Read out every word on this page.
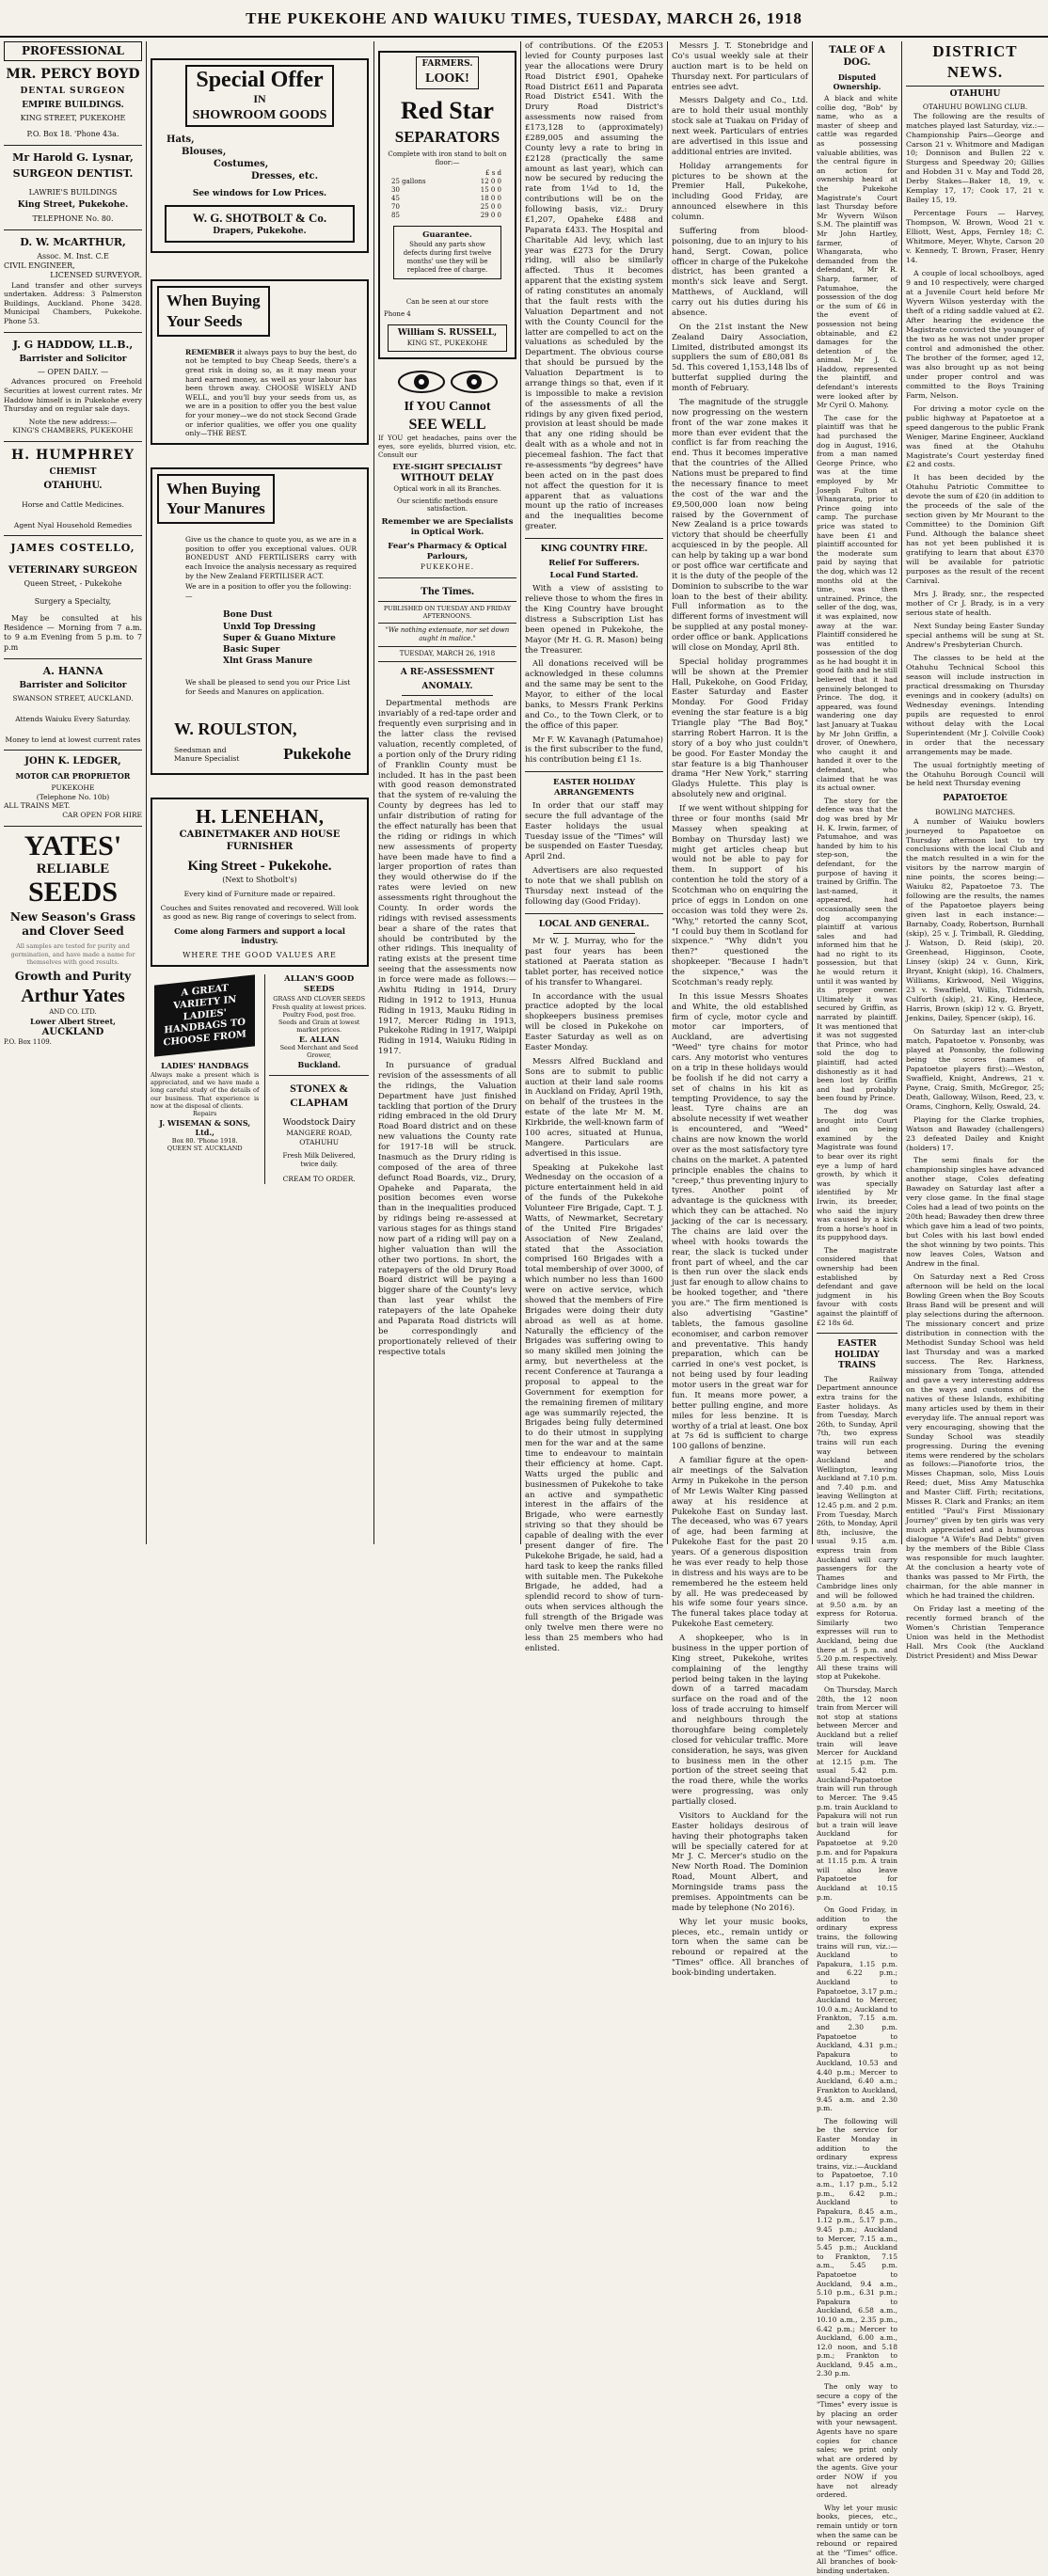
THE PUKEKOHE AND WAIUKU TIMES, TUESDAY, MARCH 26, 1918
PROFESSIONAL
MR. PERCY BOYD
DENTAL SURGEON
EMPIRE BUILDINGS.
KING STREET, PUKEKOHE
P.O. Box 18. 'Phone 43a.
Mr Harold G. Lysnar,
SURGEON DENTIST.
LAWRIE'S BUILDINGS
King Street, Pukekohe.
TELEPHONE No. 80.
D. W. McARTHUR,
Assoc. M. Inst. C.E
CIVIL ENGINEER,
LICENSED SURVEYOR.
Land transfer and other surveys undertaken. Address: 3 Palmerston Buildings, Auckland. Phone 3428. Municipal Chambers, Pukekohe. Phone 53.
J. G HADDOW, LL.B.,
Barrister and Solicitor
— OPEN DAILY. —
Advances procured on Freehold Securities at lowest current rates. Mr Haddow himself is in Pukekohe every Thursday and on regular sale days.
Note the new address:—
KING'S CHAMBERS, PUKEKOHE
H. HUMPHREY
CHEMIST
OTAHUHU.
Horse and Cattle Medicines.
Agent Nyal Household Remedies
JAMES COSTELLO,
VETERINARY SURGEON
Queen Street, - Pukekohe
Surgery a Specialty,
May be consulted at his Residence — Morning from 7 a.m. to 9 a.m Evening from 5 p.m. to 7 p.m
A. HANNA
Barrister and Solicitor
SWANSON STREET, AUCKLAND.
Attends Waiuku Every Saturday.
Money to lend at lowest current rates
JOHN K. LEDGER,
MOTOR CAR PROPRIETOR
PUKEKOHE
(Telephone No. 10b)
ALL TRAINS MET.
CAR OPEN FOR HIRE
YATES'
RELIABLE
SEEDS
New Season's Grass and Clover Seed
All samples are tested for purity and germination, and have made a name for themselves with good results.
Growth and Purity
Arthur Yates
AND CO. LTD.
Lower Albert Street,
AUCKLAND
P.O. Box 1109.
Special Offer
IN
SHOWROOM GOODS
Hats,
Blouses,
Costumes,
Dresses, etc.
See windows for Low Prices.
W. G. SHOTBOLT & Co.
Drapers, Pukekohe.
When Buying
Your Seeds
REMEMBER it always pays to buy the best, do not be tempted to buy Cheap Seeds, there's a great risk in doing so, as it may mean your hard earned money, as well as your labour has been thrown away. CHOOSE WISELY AND WELL, and you'll buy your seeds from us, as we are in a position to offer you the best value for your money—we do not stock Second Grade or inferior qualities, we offer you one quality only—THE BEST.
When Buying
Your Manures
Give us the chance to quote you, as we are in a position to offer you exceptional values. OUR BONEDUST AND FERTILISERS carry with each Invoice the analysis necessary as required by the New Zealand FERTILISER ACT.
We are in a position to offer you the following:—
Bone Dust
Unxld Top Dressing
Super & Guano Mixture
Basic Super
Xlnt Grass Manure
We shall be pleased to send you our Price List for Seeds and Manures on application.
W. ROULSTON,
Seedsman and Manure Specialist	Pukekohe
H. LENEHAN,
CABINETMAKER AND HOUSE FURNISHER
King Street - Pukekohe.
(Next to Shotbolt's)
Every kind of Furniture made or repaired.
Couches and Suites renovated and recovered. Will look as good as new. Big range of coverings to select from.
Come along Farmers and support a local industry.
WHERE THE GOOD VALUES ARE
A GREAT VARIETY IN LADIES' HANDBAGS TO CHOOSE FROM
LADIES' HANDBAGS
Always make a present which is appreciated, and we have made a long careful study of the details of our business. That experience is now at the disposal of clients.
Repairs
J. WISEMAN & SONS, Ltd.,
Box 80. 'Phone 1918.
QUEEN ST. AUCKLAND
ALLAN'S GOOD SEEDS
GRASS AND CLOVER SEEDS
Fresh quality at lowest prices.
Poultry Food, post free.
Seeds and Grain at lowest market prices.
E. ALLAN
Seed Merchant and Seed Grower,
Buckland.
STONEX & CLAPHAM
Woodstock Dairy
MANGERE ROAD, OTAHUHU
Fresh Milk Delivered,
twice daily.
CREAM TO ORDER.
FARMERS.
LOOK!
Red Star
SEPARATORS
Complete with iron stand to bolt on floor:—
£ s d
25 gallons	12 0 0
30	15 0 0
45	18 0 0
70	25 0 0
85	29 0 0
Guarantee.
Should any parts show defects during first twelve months' use they will be replaced free of charge.
Can be seen at our store
Phone 4
William S. RUSSELL,
KING ST., PUKEKOHE
If YOU Cannot
SEE WELL
If YOU get headaches, pains over the eyes, sore eyelids, blurred vision, etc. Consult our
EYE-SIGHT SPECIALIST
WITHOUT DELAY
Optical work in all its Branches.
Our scientific methods ensure satisfaction.
Remember we are Specialists in Optical Work.
Fear's Pharmacy & Optical Parlours,
PUKEKOHE.
The Times.
PUBLISHED ON TUESDAY AND FRIDAY AFTERNOONS.
"We nothing extenuate, nor set down aught in malice."
TUESDAY, MARCH 26, 1918
A RE-ASSESSMENT
ANOMALY.
Departmental methods are invariably of a red-tape order and frequently even surprising and in the latter class the revised valuation, recently completed, of a portion only of the Drury riding of Franklin County must be included. It has in the past been with good reason demonstrated that the system of re-valuing the County by degrees has led to unfair distribution of rating for the effect naturally has been that the riding or ridings in which new assessments of property have been made have to find a larger proportion of rates than they would otherwise do if the rates were levied on new assessments right throughout the County. In order words the ridings with revised assessments bear a share of the rates that should be contributed by the other ridings. This inequality of rating exists at the present time seeing that the assessments now in force were made as follows:— Awhitu Riding in 1914, Drury Riding in 1912 to 1913, Hunua Riding in 1913, Mauku Riding in 1917, Mercer Riding in 1913, Pukekohe Riding in 1917, Waipipi Riding in 1914, Waiuku Riding in 1917.
In pursuance of gradual revision of the assessments of all the ridings, the Valuation Department have just finished tackling that portion of the Drury riding embraced in the old Drury Road Board district and on these new valuations the County rate for 1917-18 will be struck. Inasmuch as the Drury riding is composed of the area of three defunct Road Boards, viz., Drury, Opaheke and Paparata, the position becomes even worse than in the inequalities produced by ridings being re-assessed at various stages for as things stand now part of a riding will pay on a higher valuation than will the other two portions. In short, the ratepayers of the old Drury Road Board district will be paying a bigger share of the County's levy than last year whilst the ratepayers of the late Opaheke and Paparata Road districts will be correspondingly and proportionately relieved of their respective totals
of contributions. Of the £2053 levied for County purposes last year the allocations were Drury Road District £901, Opaheke Road District £611 and Paparata Road District £541. With the Drury Road District's assessments now raised from £173,128 to (approximately) £289,005 and assuming the County levy a rate to bring in £2128 (practically the same amount as last year), which can now be secured by reducing the rate from 1¼d to 1d, the contributions will be on the following basis, viz.: Drury £1,207, Opaheke £488 and Paparata £433. The Hospital and Charitable Aid levy, which last year was £273 for the Drury riding, will also be similarly affected. Thus it becomes apparent that the existing system of rating constitutes an anomaly that the fault rests with the Valuation Department and not with the County Council for the latter are compelled to act on the valuations as scheduled by the Department. The obvious course that should be pursued by the Valuation Department is to arrange things so that, even if it is impossible to make a revision of the assessments of all the ridings by any given fixed period, provision at least should be made that any one riding should be dealt with as a whole and not in piecemeal fashion. The fact that re-assessments "by degrees" have been acted on in the past does not affect the question for it is apparent that as valuations mount up the ratio of increases and the inequalities become greater.
KING COUNTRY FIRE.
Relief For Sufferers.
Local Fund Started.
With a view of assisting to relieve those to whom the fires in the King Country have brought distress a Subscription List has been opened in Pukekohe, the Mayor (Mr H. G. R. Mason) being the Treasurer.
All donations received will be acknowledged in these columns and the same may be sent to the Mayor, to either of the local banks, to Messrs Frank Perkins and Co., to the Town Clerk, or to the office of this paper.
Mr F. W. Kavanagh (Patumahoe) is the first subscriber to the fund, his contribution being £1 1s.
EASTER HOLIDAY ARRANGEMENTS
In order that our staff may secure the full advantage of the Easter holidays the usual Tuesday issue of the "Times" will be suspended on Easter Tuesday, April 2nd.
Advertisers are also requested to note that we shall publish on Thursday next instead of the following day (Good Friday).
LOCAL AND GENERAL.
Mr W. J. Murray, who for the past four years has been stationed at Paerata station as tablet porter, has received notice of his transfer to Whangarei.
In accordance with the usual practice adopted by the local shopkeepers business premises will be closed in Pukekohe on Easter Saturday as well as on Easter Monday.
Messrs Alfred Buckland and Sons are to submit to public auction at their land sale rooms in Auckland on Friday, April 19th, on behalf of the trustees in the estate of the late Mr M. M. Kirkbride, the well-known farm of 100 acres, situated at Hunua, Mangere. Particulars are advertised in this issue.
Speaking at Pukekohe last Wednesday on the occasion of a picture entertainment held in aid of the funds of the Pukekohe Volunteer Fire Brigade, Capt. T. J. Watts, of Newmarket, Secretary of the United Fire Brigades' Association of New Zealand, stated that the Association comprised 160 Brigades with a total membership of over 3000, of which number no less than 1600 were on active service, which showed that the members of Fire Brigades were doing their duty abroad as well as at home. Naturally the efficiency of the Brigades was suffering owing to so many skilled men joining the army, but nevertheless at the recent Conference at Tauranga a proposal to appeal to the Government for exemption for the remaining firemen of military age was summarily rejected, the Brigades being fully determined to do their utmost in supplying men for the war and at the same time to endeavour to maintain their efficiency at home. Capt. Watts urged the public and businessmen of Pukekohe to take an active and sympathetic interest in the affairs of the Brigade, who were earnestly striving so that they should be capable of dealing with the ever present danger of fire. The Pukekohe Brigade, he said, had a hard task to keep the ranks filled with suitable men. The Pukekohe Brigade, he added, had a splendid record to show of turn-outs when services although the full strength of the Brigade was only twelve men there were no less than 25 members who had enlisted.
Messrs J. T. Stonebridge and Co's usual weekly sale at their auction mart is to be held on Thursday next. For particulars of entries see advt.
Messrs Dalgety and Co., Ltd. are to hold their usual monthly stock sale at Tuakau on Friday of next week. Particulars of entries are advertised in this issue and additional entries are invited.
Holiday arrangements for pictures to be shown at the Premier Hall, Pukekohe, including Good Friday, are announced elsewhere in this column.
Suffering from blood-poisoning, due to an injury to his hand, Sergt. Cowan, police officer in charge of the Pukekohe district, has been granted a month's sick leave and Sergt. Matthews, of Auckland, will carry out his duties during his absence.
On the 21st instant the New Zealand Dairy Association, Limited, distributed amongst its suppliers the sum of £80,081 8s 5d. This covered 1,153,148 lbs of butterfat supplied during the month of February.
The magnitude of the struggle now progressing on the western front of the war zone makes it more than ever evident that the conflict is far from reaching the end. Thus it becomes imperative that the countries of the Allied Nations must be prepared to find the necessary finance to meet the cost of the war and the £9,500,000 loan now being raised by the Government of New Zealand is a price towards victory that should be cheerfully acquiesced in by the people. All can help by taking up a war bond or post office war certificate and it is the duty of the people of the Dominion to subscribe to the war loan to the best of their ability. Full information as to the different forms of investment will be supplied at any postal money-order office or bank. Applications will close on Monday, April 8th.
Special holiday programmes will be shown at the Premier Hall, Pukekohe, on Good Friday, Easter Saturday and Easter Monday. For Good Friday evening the star feature is a big Triangle play "The Bad Boy," starring Robert Harron. It is the story of a boy who just couldn't be good. For Easter Monday the star feature is a big Thanhouser drama "Her New York," starring Gladys Hulette. This play is absolutely new and original.
If we went without shipping for three or four months (said Mr Massey when speaking at Bombay on Thursday last) we might get articles cheap but would not be able to pay for them. In support of his contention he told the story of a Scotchman who on enquiring the price of eggs in London on one occasion was told they were 2s. "Why," retorted the canny Scot, "I could buy them in Scotland for sixpence." "Why didn't you then?" questioned the shopkeeper. "Because I hadn't the sixpence," was the Scotchman's ready reply.
In this issue Messrs Shoates and White, the old established firm of cycle, motor cycle and motor car importers, of Auckland, are advertising "Weed" tyre chains for motor cars. Any motorist who ventures on a trip in these holidays would be foolish if he did not carry a set of chains in his kit as tempting Providence, to say the least. Tyre chains are an absolute necessity if wet weather is encountered, and "Weed" chains are now known the world over as the most satisfactory tyre chains on the market. A patented principle enables the chains to "creep," thus preventing injury to tyres. Another point of advantage is the quickness with which they can be attached. No jacking of the car is necessary. The chains are laid over the wheel with hooks towards the rear, the slack is tucked under front part of wheel, and the car is then run over the slack ends just far enough to allow chains to be hooked together, and "there you are." The firm mentioned is also advertising "Gastine" tablets, the famous gasoline economiser, and carbon remover and preventative. This handy preparation, which can be carried in one's vest pocket, is not being used by four leading motor users in the great war for fun. It means more power, a better pulling engine, and more miles for less benzine. It is worthy of a trial at least. One box at 7s 6d is sufficient to charge 100 gallons of benzine.
A familiar figure at the open-air meetings of the Salvation Army in Pukekohe in the person of Mr Lewis Walter King passed away at his residence at Pukekohe East on Sunday last. The deceased, who was 67 years of age, had been farming at Pukekohe East for the past 20 years. Of a generous disposition he was ever ready to help those in distress and his ways are to be remembered he the esteem held by all. He was predeceased by his wife some four years since. The funeral takes place today at Pukekohe East cemetery.
A shopkeeper, who is in business in the upper portion of King street, Pukekohe, writes complaining of the lengthy period being taken in the laying down of a tarred macadam surface on the road and of the loss of trade accruing to himself and neighbours through the thoroughfare being completely closed for vehicular traffic. More consideration, he says, was given to business men in the other portion of the street seeing that the road there, while the works were progressing, was only partially closed.
Visitors to Auckland for the Easter holidays desirous of having their photographs taken will be specially catered for at Mr J. C. Mercer's studio on the New North Road. The Dominion Road, Mount Albert, and Morningside trams pass the premises. Appointments can be made by telephone (No 2016).
Why let your music books, pieces, etc., remain untidy or torn when the same can be rebound or repaired at the "Times" office. All branches of book-binding undertaken.
TALE OF A DOG.
Disputed Ownership.
A black and white collie dog, "Bob" by name, who as a master of sheep and cattle was regarded as possessing valuable abilities, was the central figure in an action for ownership heard at the Pukekohe Magistrate's Court last Thursday before Mr Wyvern Wilson S.M. The plaintiff was Mr John Hartley, farmer, of Whangarata, who demanded from the defendant, Mr R. Sharp, farmer, of Patumahoe, the possession of the dog or the sum of £6 in the event of possession not being obtainable, and £2 damages for the detention of the animal. Mr J. G. Haddow, represented the plaintiff, and defendant's interests were looked after by Mr Cyril O. Mahony.
The case for the plaintiff was that he had purchased the dog in August, 1916, from a man named George Prince, who was at the time employed by Mr Joseph Fulton at Whangarata, prior to Prince going into camp. The purchase price was stated to have been £1 and plaintiff accounted for the moderate sum paid by saying that the dog, which was 12 months old at the time, was then untrained. Prince, the seller of the dog, was, it was explained, now away at the war. Plaintiff considered he was entitled to possession of the dog as he had bought it in good faith and he still believed that it had genuinely belonged to Prince. The dog, it appeared, was found wandering one day last January at Tuakau by Mr John Griffin, a drover, of Onewhero, who caught it and handed it over to the defendant, who claimed that he was its actual owner.
The story for the defence was that the dog was bred by Mr H. K. Irwin, farmer, of Patumahoe, and was handed by him to his step-son, the defendant, for the purpose of having it trained by Griffin. The last-named, it appeared, had occasionally seen the dog accompanying plaintiff at various sales and had informed him that he had no right to its possession, but that he would return it until it was wanted by its proper owner. Ultimately it was secured by Griffin, as narrated by plaintiff. It was mentioned that it was not suggested that Prince, who had sold the dog to plaintiff, had acted dishonestly as it had been lost by Griffin and had probably been found by Prince.
The dog was brought into Court and on being examined by the Magistrate was found to bear over its right eye a lump of hard growth, by which it was specially identified by Mr Irwin, its breeder, who said the injury was caused by a kick from a horse's hoof in its puppyhood days.
The magistrate considered that ownership had been established by defendant and gave judgment in his favour with costs against the plaintiff of £2 18s 6d.
EASTER HOLIDAY TRAINS
The Railway Department announce extra trains for the Easter holidays. As from Tuesday, March 26th, to Sunday, April 7th, two express trains will run each way between Auckland and Wellington, leaving Auckland at 7.10 p.m. and 7.40 p.m. and leaving Wellington at 12.45 p.m. and 2 p.m. From Tuesday, March 26th, to Monday, April 8th, inclusive, the usual 9.15 a.m. express train from Auckland will carry passengers for the Thames and Cambridge lines only and will be followed at 9.50 a.m. by an express for Rotorua. Similarly two expresses will run to Auckland, being due there at 5 p.m. and 5.20 p.m. respectively. All these trains will stop at Pukekohe.
On Thursday, March 28th, the 12 noon train from Mercer will not stop at stations between Mercer and Auckland but a relief train will leave Mercer for Auckland at 12.15 p.m. The usual 5.42 p.m. Auckland-Papatoetoe train will run through to Mercer. The 9.45 p.m. train Auckland to Papakura will not run but a train will leave Auckland for Papatoetoe at 9.20 p.m. and for Papakura at 11.15 p.m. A train will also leave Papatoetoe for Auckland at 10.15 p.m.
On Good Friday, in addition to the ordinary express trains, the following trains will run, viz.:—Auckland to Papakura, 1.15 p.m. and 6.22 p.m.; Auckland to Papatoetoe, 3.17 p.m.; Auckland to Mercer, 10.0 a.m.; Auckland to Frankton, 7.15 a.m. and 2.30 p.m. Papatoetoe to Auckland, 4.31 p.m.; Papakura to Auckland, 10.53 and 4.40 p.m.; Mercer to Auckland, 6.40 a.m.; Frankton to Auckland, 9.45 a.m. and 2.30 p.m.
The following will be the service for Easter Monday in addition to the ordinary express trains, viz.:—Auckland to Papatoetoe, 7.10 a.m., 1.17 p.m., 5.12 p.m., 6.42 p.m.; Auckland to Papakura, 8.45 a.m., 1.12 p.m., 5.17 p.m., 9.45 p.m.; Auckland to Mercer, 7.15 a.m., 5.45 p.m.; Auckland to Frankton, 7.15 a.m., 5.45 p.m. Papatoetoe to Auckland, 9.4 a.m., 5.10 p.m., 6.31 p.m.; Papakura to Auckland, 6.58 a.m., 10.10 a.m., 2.35 p.m., 6.42 p.m.; Mercer to Auckland, 6.00 a.m., 12.0 noon, and 5.18 p.m.; Frankton to Auckland, 9.45 a.m., 2.30 p.m.
The only way to secure a copy of the "Times" every issue is by placing an order with your newsagent. Agents have no spare copies for chance sales; we print only what are ordered by the agents. Give your order NOW if you have not already ordered.
Why let your music books, pieces, etc., remain untidy or torn when the same can be rebound or repaired at the "Times" office. All branches of book-binding undertaken.
DISTRICT NEWS.
OTAHUHU
OTAHUHU BOWLING CLUB.
The following are the results of matches played last Saturday, viz.:— Championship Pairs—George and Carson 21 v. Whitmore and Madigan 10; Donnison and Bullen 22 v. Sturgess and Speedway 20; Gillies and Hobden 31 v. May and Todd 28, Derby Stakes—Baker 18, 19, v. Kemplay 17, 17; Cook 17, 21 v. Bailey 15, 19.
Percentage Fours — Harvey, Thompson, W. Brown, Wood 21 v. Elliott, West, Apps, Fernley 18; C. Whitmore, Meyer, Whyte, Carson 20 v. Kennedy, T. Brown, Fraser, Henry 14.
A couple of local schoolboys, aged 9 and 10 respectively, were charged at a Juvenile Court held before Mr Wyvern Wilson yesterday with the theft of a riding saddle valued at £2. After hearing the evidence the Magistrate convicted the younger of the two as he was not under proper control and admonished the other. The brother of the former, aged 12, was also brought up as not being under proper control and was committed to the Boys Training Farm, Nelson.
For driving a motor cycle on the public highway at Papatoetoe at a speed dangerous to the public Frank Weniger, Marine Engineer, Auckland was fined at the Otahuhu Magistrate's Court yesterday fined £2 and costs.
It has been decided by the Otahuhu Patriotic Committee to devote the sum of £20 (in addition to the proceeds of the sale of the section given by Mr Mourant to the Committee) to the Dominion Gift Fund. Although the balance sheet has not yet been published it is gratifying to learn that about £370 will be available for patriotic purposes as the result of the recent Carnival.
Mrs J. Brady, snr., the respected mother of Cr J. Brady, is in a very serious state of health.
Next Sunday being Easter Sunday special anthems will be sung at St. Andrew's Presbyterian Church.
The classes to be held at the Otahuhu Technical School this season will include instruction in practical dressmaking on Thursday evenings and in cookery (adults) on Wednesday evenings. Intending pupils are requested to enrol without delay with the Local Superintendent (Mr J. Colville Cook) in order that the necessary arrangements may be made.
The usual fortnightly meeting of the Otahuhu Borough Council will be held next Thursday evening
PAPATOETOE
BOWLING MATCHES.
A number of Waiuku bowlers journeyed to Papatoetoe on Thursday afternoon last to try conclusions with the local Club and the match resulted in a win for the visitors by the narrow margin of nine points, the scores being:—Waiuku 82, Papatoetoe 73. The following are the results, the names of the Papatoetoe players being given last in each instance:—Barnaby, Coady, Robertson, Burnhall (skip), 25 v. J. Trimball, R. Gledding, J. Watson, D. Reid (skip), 20. Greenhead, Higginson, Coote, Linsey (skip) 24 v. Gunn, Kirk, Bryant, Knight (skip), 16. Chalmers, Williams, Kirkwood, Neil Wiggins, 23 v. Swaffield, Willis, Tidmarsh, Culforth (skip), 21. King, Herlece, Harris, Brown (skip) 12 v. G. Bryett, Jenkins, Dailey, Spencer (skip), 16.
On Saturday last an inter-club match, Papatoetoe v. Ponsonby, was played at Ponsonby, the following being the scores (names of Papatoetoe players first):—Weston, Swaffield, Knight, Andrews, 21 v. Payne, Craig, Smith, McGregor, 25; Death, Galloway, Wilson, Reed, 23, v. Orams, Cinghorn, Kelly, Oswald, 24.
Playing for the Clarke trophies, Watson and Bawadey (challengers) 23 defeated Dailey and Knight (holders) 17.
The semi finals for the championship singles have advanced another stage, Coles defeating Bawadey on Saturday last after a very close game. In the final stage Coles had a lead of two points on the 20th head; Bawadey then drew three which gave him a lead of two points, but Coles with his last bowl ended the shot winning by two points. This now leaves Coles, Watson and Andrew in the final.
On Saturday next a Red Cross afternoon will be held on the local Bowling Green when the Boy Scouts Brass Band will be present and will play selections during the afternoon. The missionary concert and prize distribution in connection with the Methodist Sunday School was held last Thursday and was a marked success. The Rev. Harkness, missionary from Tonga, attended and gave a very interesting address on the ways and customs of the natives of these Islands, exhibiting many articles used by them in their everyday life. The annual report was very encouraging, showing that the Sunday School was steadily progressing. During the evening items were rendered by the scholars as follows:—Pianoforte trios, the Misses Chapman, solo, Miss Louis Reed; duet, Miss Amy Matuschka and Master Cliff. Firth; recitations, Misses R. Clark and Franks; an item entitled "Paul's First Missionary Journey" given by ten girls was very much appreciated and a humorous dialogue "A Wife's Bad Debts" given by the members of the Bible Class was responsible for much laughter. At the conclusion a hearty vote of thanks was passed to Mr Firth, the chairman, for the able manner in which he had trained the children.
On Friday last a meeting of the recently formed branch of the Women's Christian Temperance Union was held in the Methodist Hall. Mrs Cook (the Auckland District President) and Miss Dewar
